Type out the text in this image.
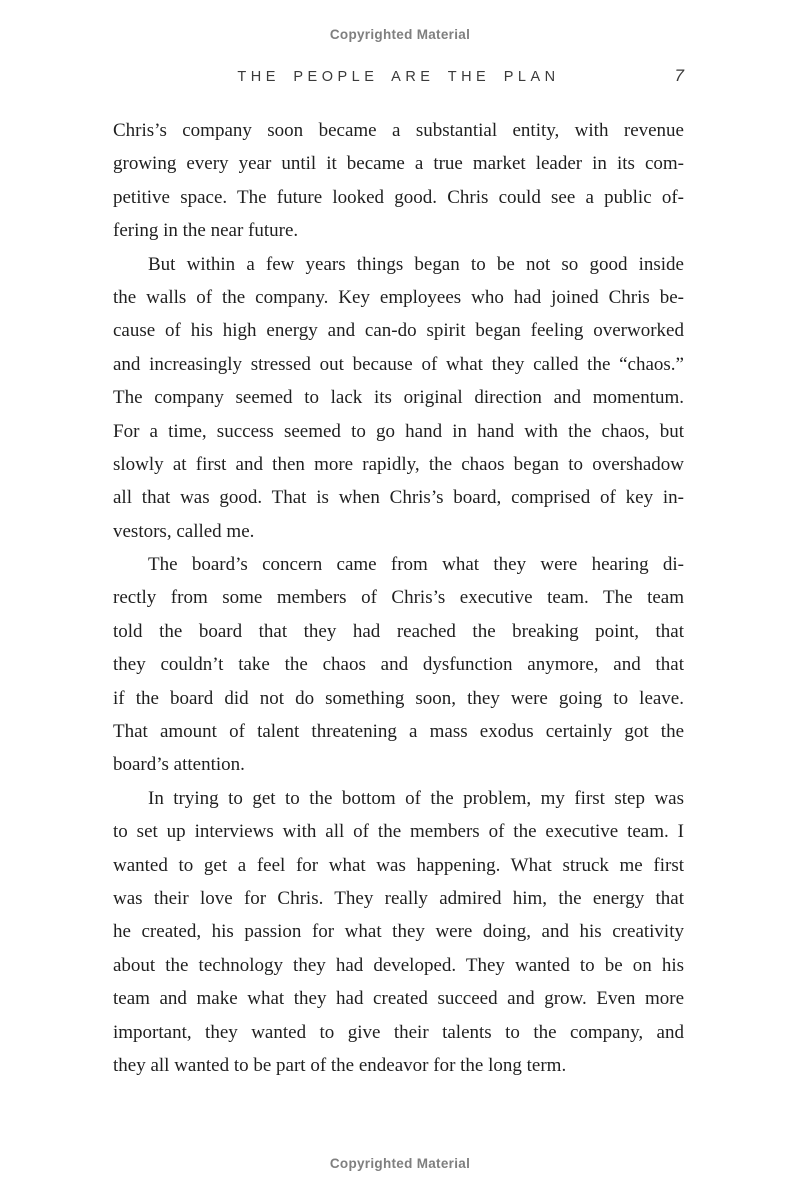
Copyrighted Material
THE PEOPLE ARE THE PLAN	7
Chris’s company soon became a substantial entity, with revenue
growing every year until it became a true market leader in its com-
petitive space. The future looked good. Chris could see a public of-
fering in the near future.
But within a few years things began to be not so good inside
the walls of the company. Key employees who had joined Chris be-
cause of his high energy and can-do spirit began feeling overworked
and increasingly stressed out because of what they called the “chaos.”
The company seemed to lack its original direction and momentum.
For a time, success seemed to go hand in hand with the chaos, but
slowly at first and then more rapidly, the chaos began to overshadow
all that was good. That is when Chris’s board, comprised of key in-
vestors, called me.
The board’s concern came from what they were hearing di-
rectly from some members of Chris’s executive team. The team
told the board that they had reached the breaking point, that
they couldn’t take the chaos and dysfunction anymore, and that
if the board did not do something soon, they were going to leave.
That amount of talent threatening a mass exodus certainly got the
board’s attention.
In trying to get to the bottom of the problem, my first step was
to set up interviews with all of the members of the executive team. I
wanted to get a feel for what was happening. What struck me first
was their love for Chris. They really admired him, the energy that
he created, his passion for what they were doing, and his creativity
about the technology they had developed. They wanted to be on his
team and make what they had created succeed and grow. Even more
important, they wanted to give their talents to the company, and
they all wanted to be part of the endeavor for the long term.
Copyrighted Material
